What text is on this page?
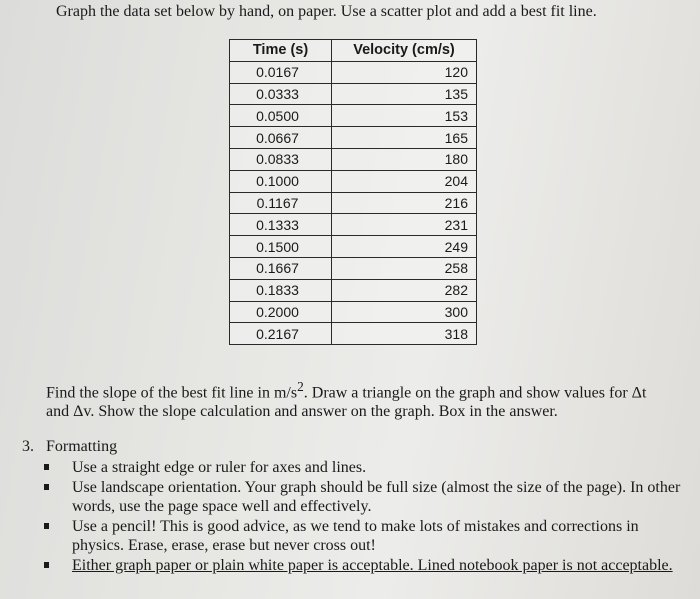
Graph the data set below by hand, on paper. Use a scatter plot and add a best fit line.
Time (s)	Velocity (cm/s)
0.0167	120
0.0333	135
0.0500	153
0.0667	165
0.0833	180
0.1000	204
0.1167	216
0.1333	231
0.1500	249
0.1667	258
0.1833	282
0.2000	300
0.2167	318
Find the slope of the best fit line in $m/s^2$. Draw a triangle on the graph and show values for Δt
and Δv. Show the slope calculation and answer on the graph. Box in the answer.
3. Formatting
Use a straight edge or ruler for axes and lines.
Use landscape orientation. Your graph should be full size (almost the size of the page). In other words, use the page space well and effectively.
Use a pencil! This is good advice, as we tend to make lots of mistakes and corrections in physics. Erase, erase, erase but never cross out!
Either graph paper or plain white paper is acceptable. Lined notebook paper is not acceptable.
